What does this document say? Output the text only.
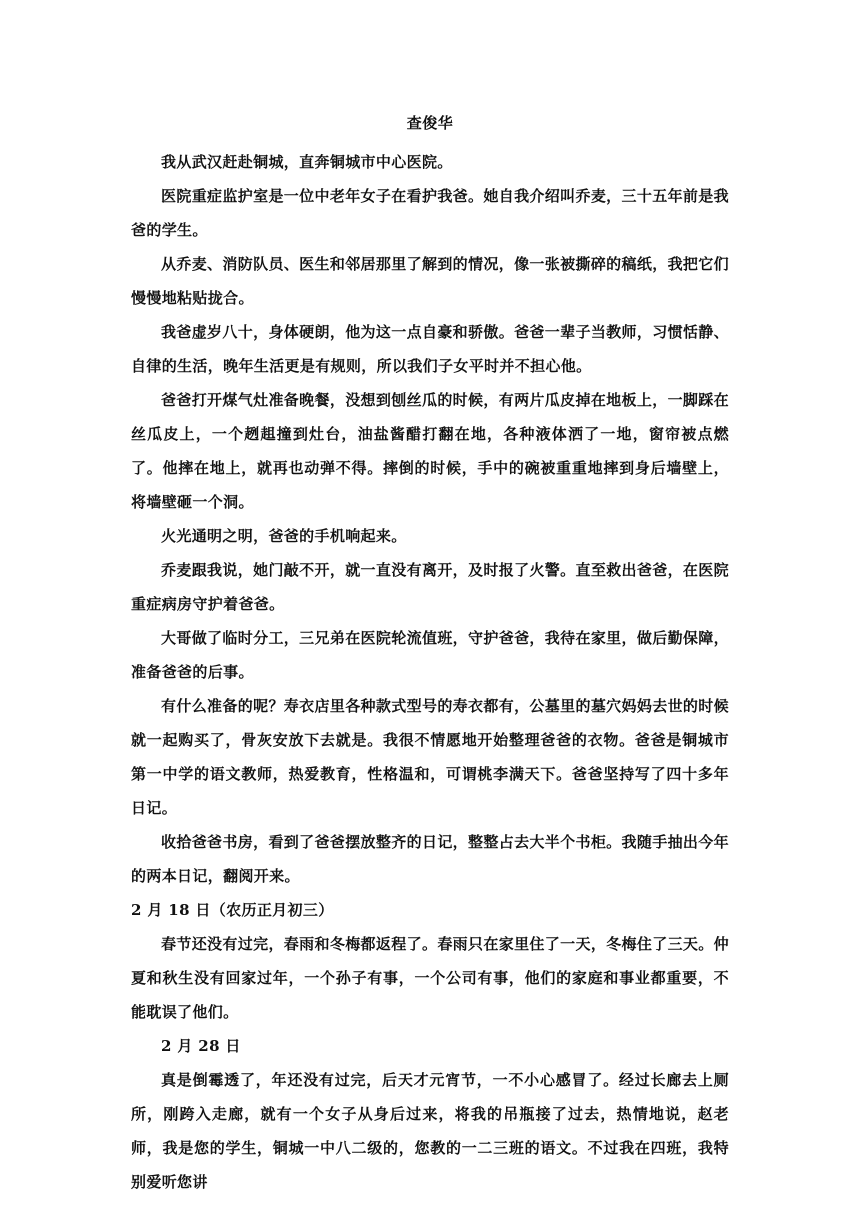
查俊华

我从武汉赶赴铜城，直奔铜城市中心医院。

医院重症监护室是一位中老年女子在看护我爸。她自我介绍叫乔麦，三十五年前是我爸的学生。

从乔麦、消防队员、医生和邻居那里了解到的情况，像一张被撕碎的稿纸，我把它们慢慢地粘贴拢合。

我爸虚岁八十，身体硬朗，他为这一点自豪和骄傲。爸爸一辈子当教师，习惯恬静、自律的生活，晚年生活更是有规则，所以我们子女平时并不担心他。

爸爸打开煤气灶准备晚餐，没想到刨丝瓜的时候，有两片瓜皮掉在地板上，一脚踩在丝瓜皮上，一个趔趄撞到灶台，油盐酱醋打翻在地，各种液体洒了一地，窗帘被点燃了。他摔在地上，就再也动弹不得。摔倒的时候，手中的碗被重重地摔到身后墙壁上，将墙壁砸一个洞。

火光通明之明，爸爸的手机响起来。

乔麦跟我说，她门敲不开，就一直没有离开，及时报了火警。直至救出爸爸，在医院重症病房守护着爸爸。

大哥做了临时分工，三兄弟在医院轮流值班，守护爸爸，我待在家里，做后勤保障，准备爸爸的后事。

有什么准备的呢？寿衣店里各种款式型号的寿衣都有，公墓里的墓穴妈妈去世的时候就一起购买了，骨灰安放下去就是。我很不情愿地开始整理爸爸的衣物。爸爸是铜城市第一中学的语文教师，热爱教育，性格温和，可谓桃李满天下。爸爸坚持写了四十多年日记。

收拾爸爸书房，看到了爸爸摆放整齐的日记，整整占去大半个书柜。我随手抽出今年的两本日记，翻阅开来。

2 月 18 日（农历正月初三）

春节还没有过完，春雨和冬梅都返程了。春雨只在家里住了一天，冬梅住了三天。仲夏和秋生没有回家过年，一个孙子有事，一个公司有事，他们的家庭和事业都重要，不能耽误了他们。

2 月 28 日

真是倒霉透了，年还没有过完，后天才元宵节，一不小心感冒了。经过长廊去上厕所，刚跨入走廊，就有一个女子从身后过来，将我的吊瓶接了过去，热情地说，赵老师，我是您的学生，铜城一中八二级的，您教的一二三班的语文。不过我在四班，我特别爱听您讲
